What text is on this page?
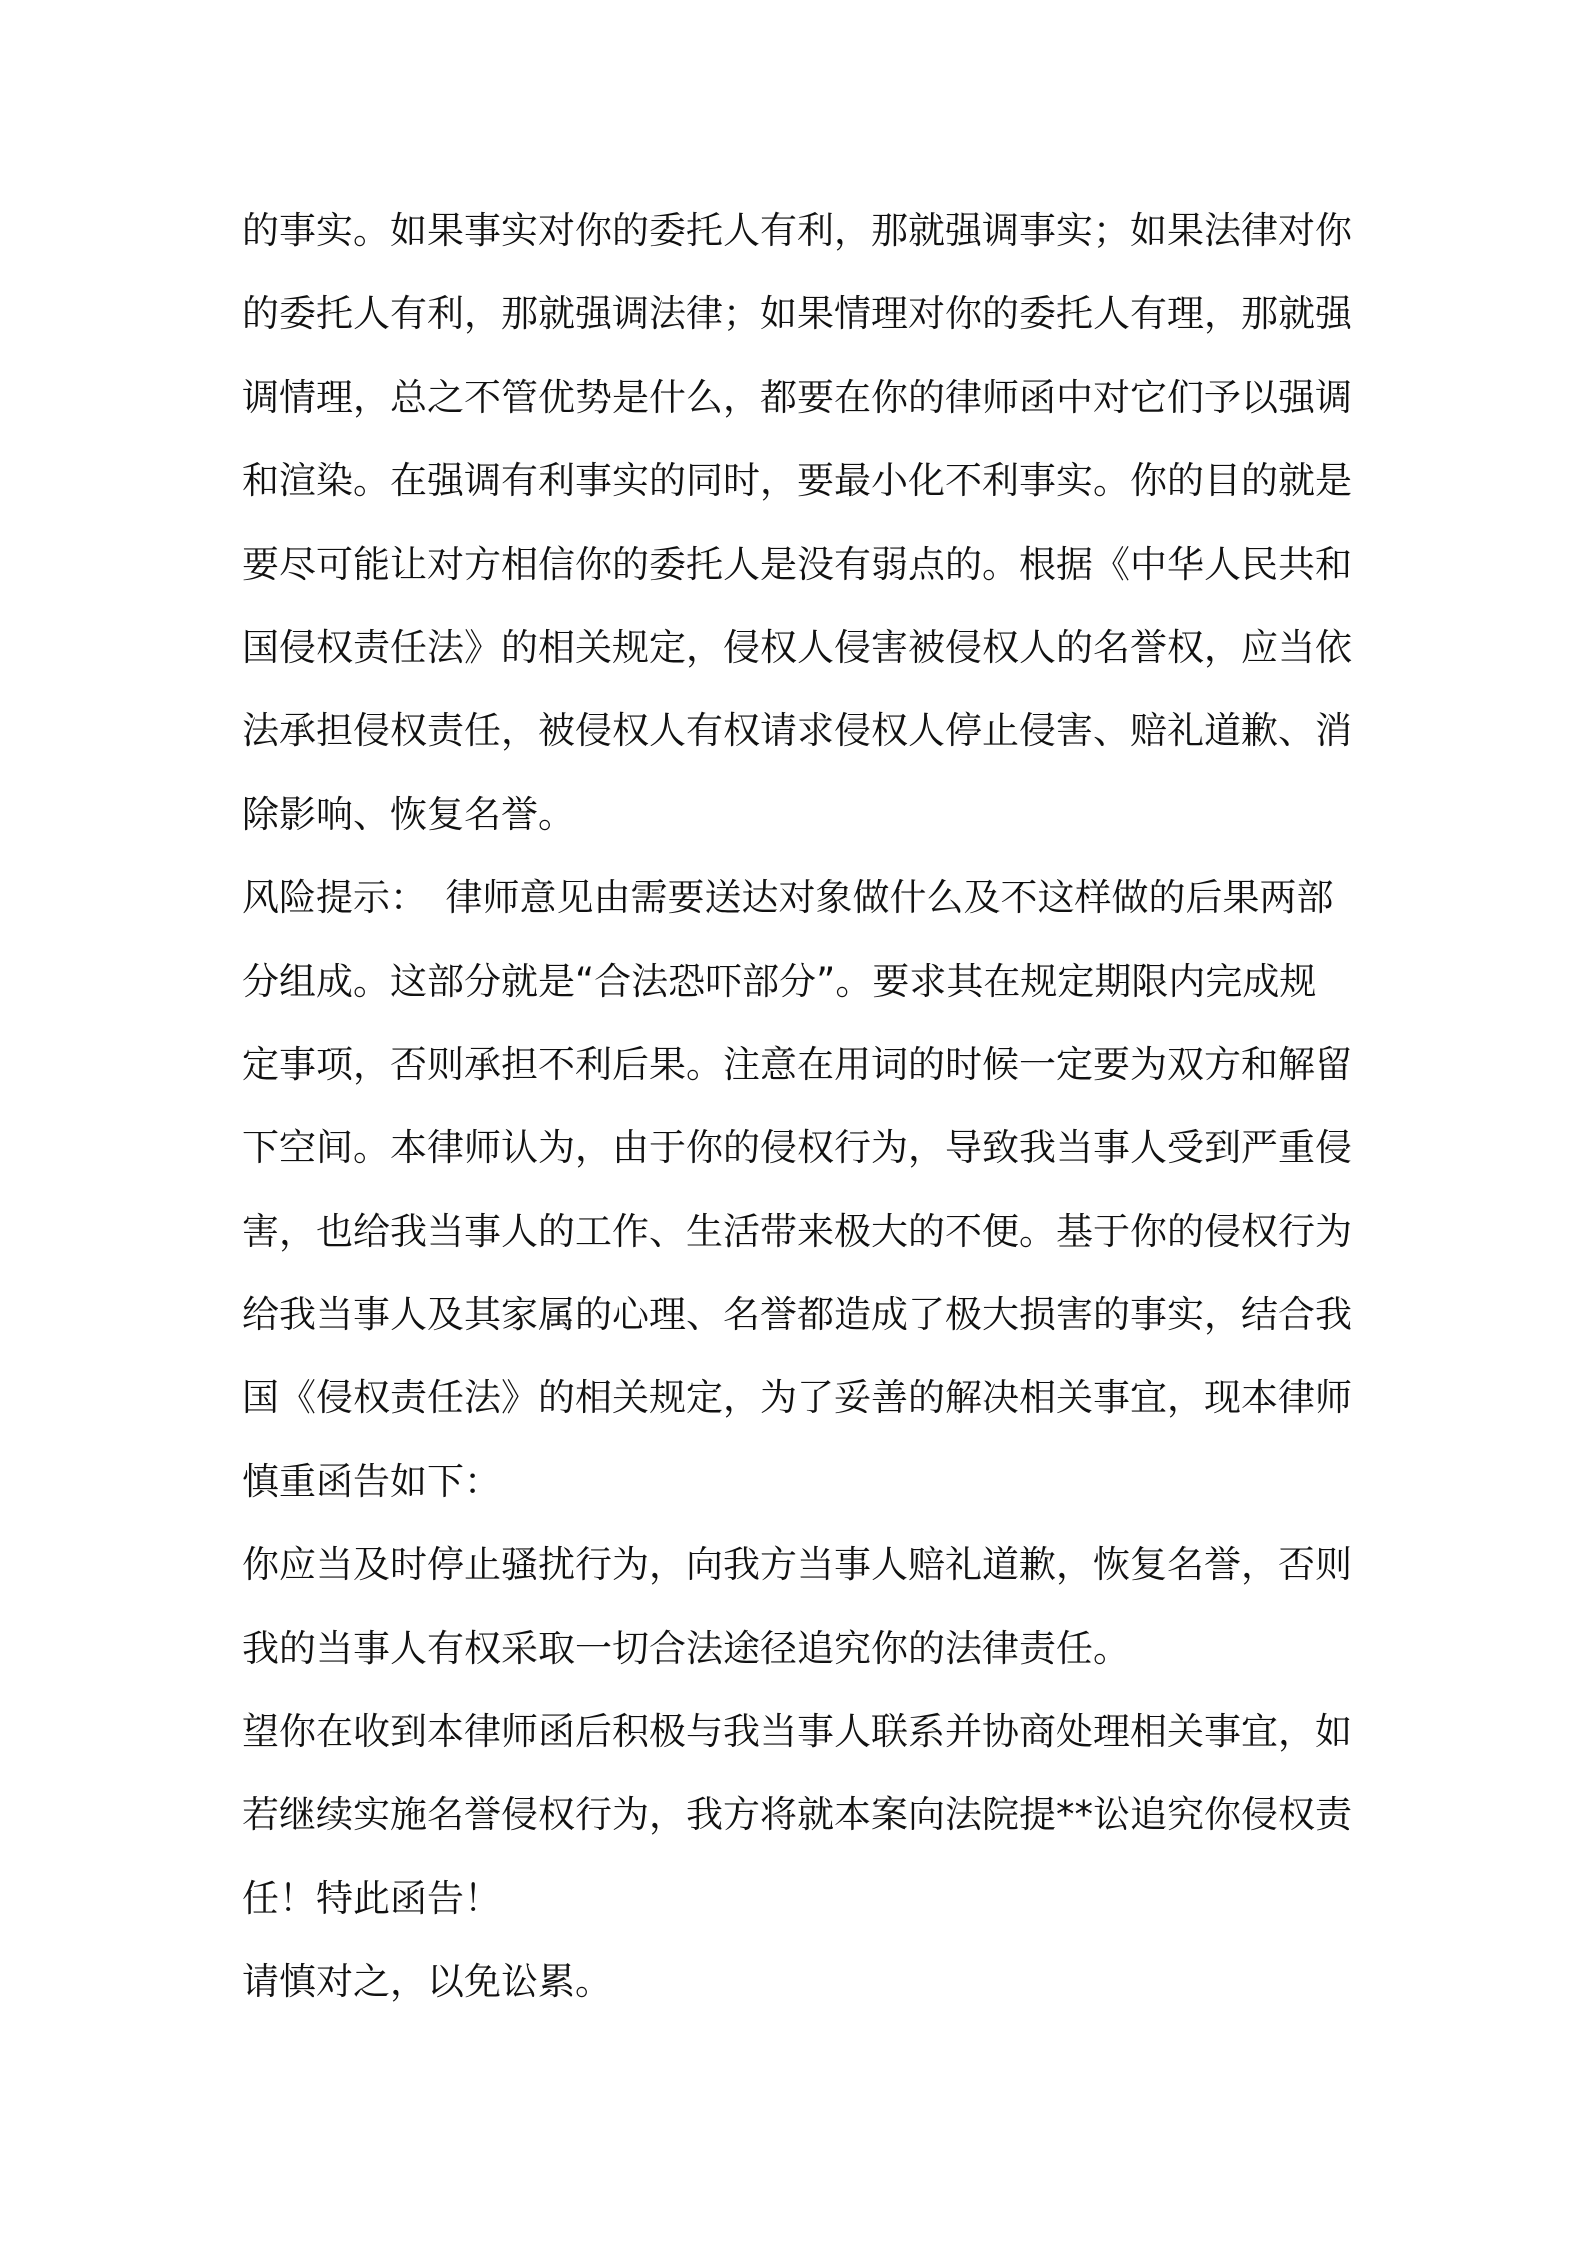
的事实。如果事实对你的委托人有利，那就强调事实；如果法律对你
的委托人有利，那就强调法律；如果情理对你的委托人有理，那就强
调情理，总之不管优势是什么，都要在你的律师函中对它们予以强调
和渲染。在强调有利事实的同时，要最小化不利事实。你的目的就是
要尽可能让对方相信你的委托人是没有弱点的。根据《中华人民共和
国侵权责任法》的相关规定，侵权人侵害被侵权人的名誉权，应当依
法承担侵权责任，被侵权人有权请求侵权人停止侵害、赔礼道歉、消
除影响、恢复名誉。
风险提示：　律师意见由需要送达对象做什么及不这样做的后果两部
分组成。这部分就是“合法恐吓部分”。要求其在规定期限内完成规
定事项，否则承担不利后果。注意在用词的时候一定要为双方和解留
下空间。本律师认为，由于你的侵权行为，导致我当事人受到严重侵
害，也给我当事人的工作、生活带来极大的不便。基于你的侵权行为
给我当事人及其家属的心理、名誉都造成了极大损害的事实，结合我
国《侵权责任法》的相关规定，为了妥善的解决相关事宜，现本律师
慎重函告如下：
你应当及时停止骚扰行为，向我方当事人赔礼道歉，恢复名誉，否则
我的当事人有权采取一切合法途径追究你的法律责任。
望你在收到本律师函后积极与我当事人联系并协商处理相关事宜，如
若继续实施名誉侵权行为，我方将就本案向法院提**讼追究你侵权责
任！特此函告！
请慎对之，以免讼累。
